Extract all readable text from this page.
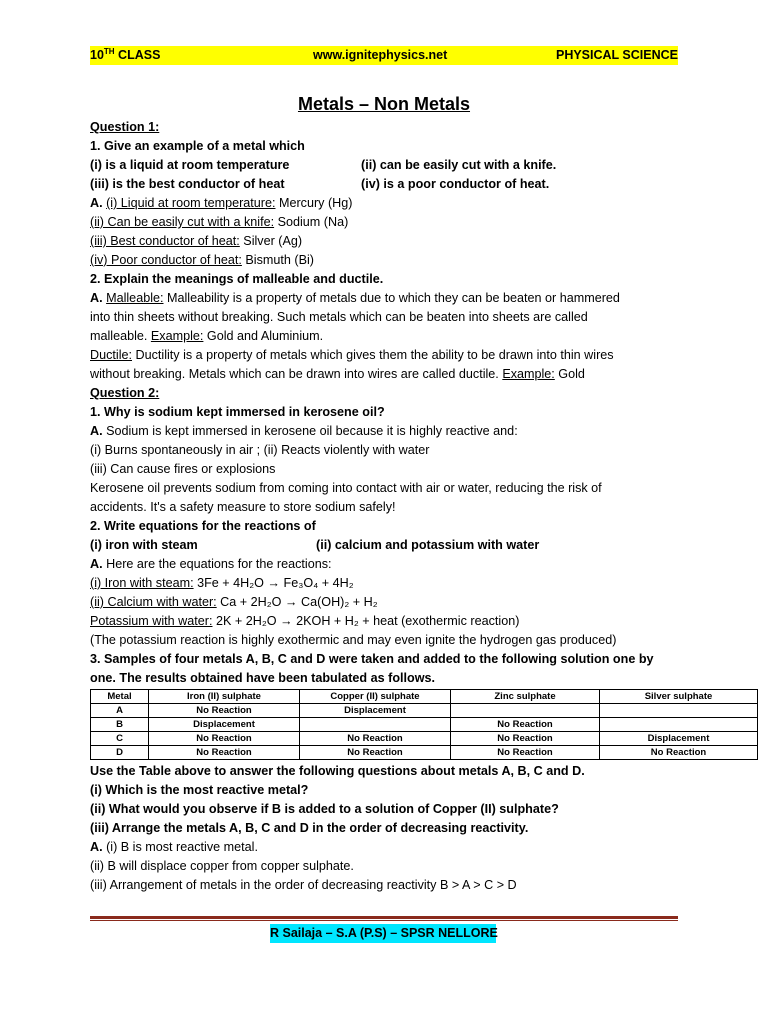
10TH CLASS	www.ignitephysics.net	PHYSICAL SCIENCE
Metals – Non Metals
Question 1:
1. Give an example of a metal which
(i) is a liquid at room temperature	(ii) can be easily cut with a knife.
(iii) is the best conductor of heat	(iv) is a poor conductor of heat.
A. (i) Liquid at room temperature: Mercury (Hg)
(ii) Can be easily cut with a knife: Sodium (Na)
(iii) Best conductor of heat: Silver (Ag)
(iv) Poor conductor of heat: Bismuth (Bi)
2. Explain the meanings of malleable and ductile.
A. Malleable: Malleability is a property of metals due to which they can be beaten or hammered
into thin sheets without breaking. Such metals which can be beaten into sheets are called
malleable. Example: Gold and Aluminium.
Ductile: Ductility is a property of metals which gives them the ability to be drawn into thin wires
without breaking. Metals which can be drawn into wires are called ductile. Example: Gold
Question 2:
1. Why is sodium kept immersed in kerosene oil?
A. Sodium is kept immersed in kerosene oil because it is highly reactive and:
(i) Burns spontaneously in air ; (ii) Reacts violently with water
(iii) Can cause fires or explosions
Kerosene oil prevents sodium from coming into contact with air or water, reducing the risk of
accidents. It's a safety measure to store sodium safely!
2. Write equations for the reactions of
(i) iron with steam	(ii) calcium and potassium with water
A. Here are the equations for the reactions:
(i) Iron with steam: 3Fe + 4H₂O → Fe₃O₄ + 4H₂
(ii) Calcium with water: Ca + 2H₂O → Ca(OH)₂ + H₂
Potassium with water: 2K + 2H₂O → 2KOH + H₂ + heat (exothermic reaction)
(The potassium reaction is highly exothermic and may even ignite the hydrogen gas produced)
3. Samples of four metals A, B, C and D were taken and added to the following solution one by
one. The results obtained have been tabulated as follows.
Metal	Iron (II) sulphate	Copper (II) sulphate	Zinc sulphate	Silver sulphate
A	No Reaction	Displacement		
B	Displacement		No Reaction	
C	No Reaction	No Reaction	No Reaction	Displacement
D	No Reaction	No Reaction	No Reaction	No Reaction
Use the Table above to answer the following questions about metals A, B, C and D.
(i) Which is the most reactive metal?
(ii) What would you observe if B is added to a solution of Copper (II) sulphate?
(iii) Arrange the metals A, B, C and D in the order of decreasing reactivity.
A. (i) B is most reactive metal.
(ii) B will displace copper from copper sulphate.
(iii) Arrangement of metals in the order of decreasing reactivity B > A > C > D
R Sailaja – S.A (P.S) – SPSR NELLORE
